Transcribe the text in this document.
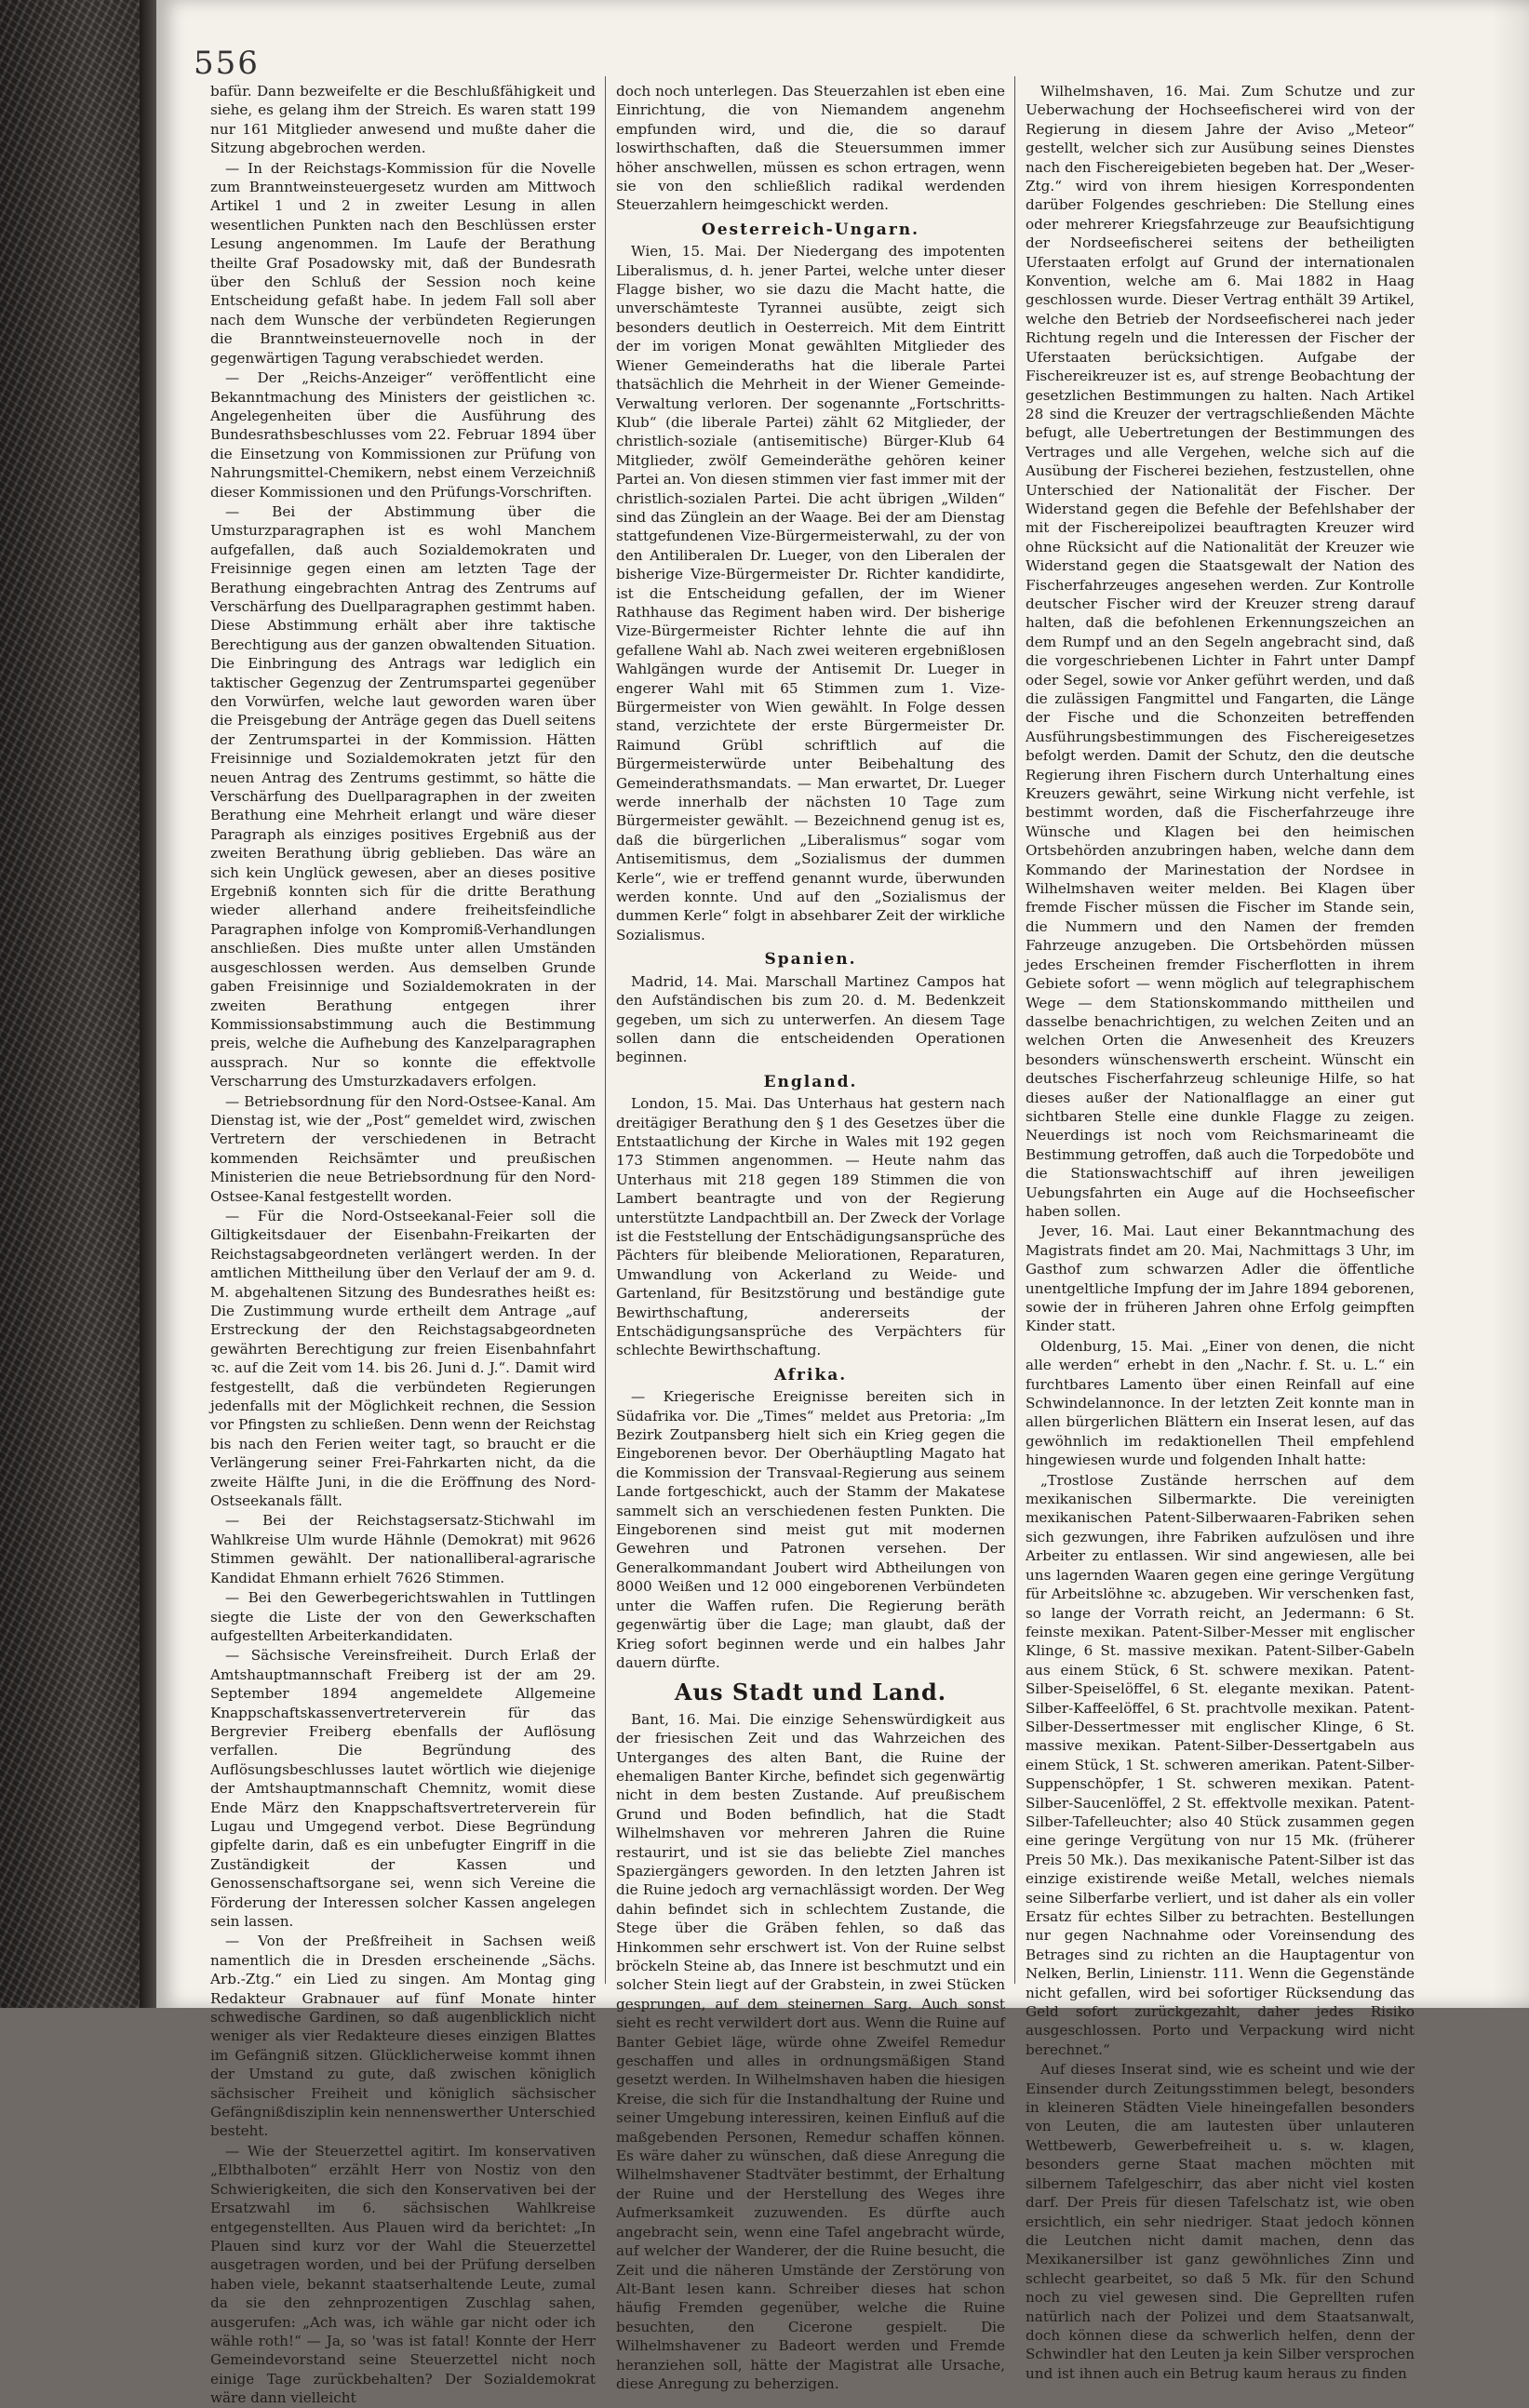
556

bafür. Dann bezweifelte er die Beschlußfähigkeit und siehe, es gelang ihm der Streich. Es waren statt 199 nur 161 Mitglieder anwesend und mußte daher die Sitzung abgebrochen werden.

— In der Reichstags-Kommission für die Novelle zum Branntweinsteuergesetz wurden am Mittwoch Artikel 1 und 2 in zweiter Lesung in allen wesentlichen Punkten nach den Beschlüssen erster Lesung angenommen. Im Laufe der Berathung theilte Graf Posadowsky mit, daß der Bundesrath über den Schluß der Session noch keine Entscheidung gefaßt habe. In jedem Fall soll aber nach dem Wunsche der verbündeten Regierungen die Branntweinsteuernovelle noch in der gegenwärtigen Tagung verabschiedet werden.

— Der „Reichs-Anzeiger“ veröffentlicht eine Bekanntmachung des Ministers der geistlichen ꝛc. Angelegenheiten über die Ausführung des Bundesrathsbeschlusses vom 22. Februar 1894 über die Einsetzung von Kommissionen zur Prüfung von Nahrungsmittel-Chemikern, nebst einem Verzeichniß dieser Kommissionen und den Prüfungs-Vorschriften.

— Bei der Abstimmung über die Umsturzparagraphen ist es wohl Manchem aufgefallen, daß auch Sozialdemokraten und Freisinnige gegen einen am letzten Tage der Berathung eingebrachten Antrag des Zentrums auf Verschärfung des Duellparagraphen gestimmt haben. Diese Abstimmung erhält aber ihre taktische Berechtigung aus der ganzen obwaltenden Situation. Die Einbringung des Antrags war lediglich ein taktischer Gegenzug der Zentrumspartei gegenüber den Vorwürfen, welche laut geworden waren über die Preisgebung der Anträge gegen das Duell seitens der Zentrumspartei in der Kommission. Hätten Freisinnige und Sozialdemokraten jetzt für den neuen Antrag des Zentrums gestimmt, so hätte die Verschärfung des Duellparagraphen in der zweiten Berathung eine Mehrheit erlangt und wäre dieser Paragraph als einziges positives Ergebniß aus der zweiten Berathung übrig geblieben. Das wäre an sich kein Unglück gewesen, aber an dieses positive Ergebniß konnten sich für die dritte Berathung wieder allerhand andere freiheitsfeindliche Paragraphen infolge von Kompromiß-Verhandlungen anschließen. Dies mußte unter allen Umständen ausgeschlossen werden. Aus demselben Grunde gaben Freisinnige und Sozialdemokraten in der zweiten Berathung entgegen ihrer Kommissionsabstimmung auch die Bestimmung preis, welche die Aufhebung des Kanzelparagraphen aussprach. Nur so konnte die effektvolle Verscharrung des Umsturzkadavers erfolgen.

— Betriebsordnung für den Nord-Ostsee-Kanal. Am Dienstag ist, wie der „Post“ gemeldet wird, zwischen Vertretern der verschiedenen in Betracht kommenden Reichsämter und preußischen Ministerien die neue Betriebsordnung für den Nord-Ostsee-Kanal festgestellt worden.

— Für die Nord-Ostseekanal-Feier soll die Giltigkeitsdauer der Eisenbahn-Freikarten der Reichstagsabgeordneten verlängert werden. In der amtlichen Mittheilung über den Verlauf der am 9. d. M. abgehaltenen Sitzung des Bundesrathes heißt es: Die Zustimmung wurde ertheilt dem Antrage „auf Erstreckung der den Reichstagsabgeordneten gewährten Berechtigung zur freien Eisenbahnfahrt ꝛc. auf die Zeit vom 14. bis 26. Juni d. J.“. Damit wird festgestellt, daß die verbündeten Regierungen jedenfalls mit der Möglichkeit rechnen, die Session vor Pfingsten zu schließen. Denn wenn der Reichstag bis nach den Ferien weiter tagt, so braucht er die Verlängerung seiner Frei-Fahrkarten nicht, da die zweite Hälfte Juni, in die die Eröffnung des Nord-Ostseekanals fällt.

— Bei der Reichstagsersatz-Stichwahl im Wahlkreise Ulm wurde Hähnle (Demokrat) mit 9626 Stimmen gewählt. Der nationalliberal-agrarische Kandidat Ehmann erhielt 7626 Stimmen.

— Bei den Gewerbegerichtswahlen in Tuttlingen siegte die Liste der von den Gewerkschaften aufgestellten Arbeiterkandidaten.

— Sächsische Vereinsfreiheit. Durch Erlaß der Amtshauptmannschaft Freiberg ist der am 29. September 1894 angemeldete Allgemeine Knappschaftskassenvertreterverein für das Bergrevier Freiberg ebenfalls der Auflösung verfallen. Die Begründung des Auflösungsbeschlusses lautet wörtlich wie diejenige der Amtshauptmannschaft Chemnitz, womit diese Ende März den Knappschaftsvertreterverein für Lugau und Umgegend verbot. Diese Begründung gipfelte darin, daß es ein unbefugter Eingriff in die Zuständigkeit der Kassen und Genossenschaftsorgane sei, wenn sich Vereine die Förderung der Interessen solcher Kassen angelegen sein lassen.

— Von der Preßfreiheit in Sachsen weiß namentlich die in Dresden erscheinende „Sächs. Arb.-Ztg.“ ein Lied zu singen. Am Montag ging Redakteur Grabnauer auf fünf Monate hinter schwedische Gardinen, so daß augenblicklich nicht weniger als vier Redakteure dieses einzigen Blattes im Gefängniß sitzen. Glücklicherweise kommt ihnen der Umstand zu gute, daß zwischen königlich sächsischer Freiheit und königlich sächsischer Gefängnißdisziplin kein nennenswerther Unterschied besteht.

— Wie der Steuerzettel agitirt. Im konservativen „Elbthalboten“ erzählt Herr von Nostiz von den Schwierigkeiten, die sich den Konservativen bei der Ersatzwahl im 6. sächsischen Wahlkreise entgegenstellten. Aus Plauen wird da berichtet: „In Plauen sind kurz vor der Wahl die Steuerzettel ausgetragen worden, und bei der Prüfung derselben haben viele, bekannt staatserhaltende Leute, zumal da sie den zehnprozentigen Zuschlag sahen, ausgerufen: „Ach was, ich wähle gar nicht oder ich wähle roth!“ — Ja, so 'was ist fatal! Konnte der Herr Gemeindevorstand seine Steuerzettel nicht noch einige Tage zurückbehalten? Der Sozialdemokrat wäre dann vielleicht

doch noch unterlegen. Das Steuerzahlen ist eben eine Einrichtung, die von Niemandem angenehm empfunden wird, und die, die so darauf loswirthschaften, daß die Steuersummen immer höher anschwellen, müssen es schon ertragen, wenn sie von den schließlich radikal werdenden Steuerzahlern heimgeschickt werden.

Oesterreich-Ungarn.

Wien, 15. Mai. Der Niedergang des impotenten Liberalismus, d. h. jener Partei, welche unter dieser Flagge bisher, wo sie dazu die Macht hatte, die unverschämteste Tyrannei ausübte, zeigt sich besonders deutlich in Oesterreich. Mit dem Eintritt der im vorigen Monat gewählten Mitglieder des Wiener Gemeinderaths hat die liberale Partei thatsächlich die Mehrheit in der Wiener Gemeinde-Verwaltung verloren. Der sogenannte „Fortschritts-Klub“ (die liberale Partei) zählt 62 Mitglieder, der christlich-soziale (antisemitische) Bürger-Klub 64 Mitglieder, zwölf Gemeinderäthe gehören keiner Partei an. Von diesen stimmen vier fast immer mit der christlich-sozialen Partei. Die acht übrigen „Wilden“ sind das Zünglein an der Waage. Bei der am Dienstag stattgefundenen Vize-Bürgermeisterwahl, zu der von den Antiliberalen Dr. Lueger, von den Liberalen der bisherige Vize-Bürgermeister Dr. Richter kandidirte, ist die Entscheidung gefallen, der im Wiener Rathhause das Regiment haben wird. Der bisherige Vize-Bürgermeister Richter lehnte die auf ihn gefallene Wahl ab. Nach zwei weiteren ergebnißlosen Wahlgängen wurde der Antisemit Dr. Lueger in engerer Wahl mit 65 Stimmen zum 1. Vize-Bürgermeister von Wien gewählt. In Folge dessen stand, verzichtete der erste Bürgermeister Dr. Raimund Grübl schriftlich auf die Bürgermeisterwürde unter Beibehaltung des Gemeinderathsmandats. — Man erwartet, Dr. Lueger werde innerhalb der nächsten 10 Tage zum Bürgermeister gewählt. — Bezeichnend genug ist es, daß die bürgerlichen „Liberalismus“ sogar vom Antisemitismus, dem „Sozialismus der dummen Kerle“, wie er treffend genannt wurde, überwunden werden konnte. Und auf den „Sozialismus der dummen Kerle“ folgt in absehbarer Zeit der wirkliche Sozialismus.

Spanien.

Madrid, 14. Mai. Marschall Martinez Campos hat den Aufständischen bis zum 20. d. M. Bedenkzeit gegeben, um sich zu unterwerfen. An diesem Tage sollen dann die entscheidenden Operationen beginnen.

England.

London, 15. Mai. Das Unterhaus hat gestern nach dreitägiger Berathung den § 1 des Gesetzes über die Entstaatlichung der Kirche in Wales mit 192 gegen 173 Stimmen angenommen. — Heute nahm das Unterhaus mit 218 gegen 189 Stimmen die von Lambert beantragte und von der Regierung unterstützte Landpachtbill an. Der Zweck der Vorlage ist die Feststellung der Entschädigungsansprüche des Pächters für bleibende Meliorationen, Reparaturen, Umwandlung von Ackerland zu Weide- und Gartenland, für Besitzstörung und beständige gute Bewirthschaftung, andererseits der Entschädigungsansprüche des Verpächters für schlechte Bewirthschaftung.

Afrika.

— Kriegerische Ereignisse bereiten sich in Südafrika vor. Die „Times“ meldet aus Pretoria: „Im Bezirk Zoutpansberg hielt sich ein Krieg gegen die Eingeborenen bevor. Der Oberhäuptling Magato hat die Kommission der Transvaal-Regierung aus seinem Lande fortgeschickt, auch der Stamm der Makatese sammelt sich an verschiedenen festen Punkten. Die Eingeborenen sind meist gut mit modernen Gewehren und Patronen versehen. Der Generalkommandant Joubert wird Abtheilungen von 8000 Weißen und 12 000 eingeborenen Verbündeten unter die Waffen rufen. Die Regierung beräth gegenwärtig über die Lage; man glaubt, daß der Krieg sofort beginnen werde und ein halbes Jahr dauern dürfte.

Aus Stadt und Land.

Bant, 16. Mai. Die einzige Sehenswürdigkeit aus der friesischen Zeit und das Wahrzeichen des Unterganges des alten Bant, die Ruine der ehemaligen Banter Kirche, befindet sich gegenwärtig nicht in dem besten Zustande. Auf preußischem Grund und Boden befindlich, hat die Stadt Wilhelmshaven vor mehreren Jahren die Ruine restaurirt, und ist sie das beliebte Ziel manches Spaziergängers geworden. In den letzten Jahren ist die Ruine jedoch arg vernachlässigt worden. Der Weg dahin befindet sich in schlechtem Zustande, die Stege über die Gräben fehlen, so daß das Hinkommen sehr erschwert ist. Von der Ruine selbst bröckeln Steine ab, das Innere ist beschmutzt und ein solcher Stein liegt auf der Grabstein, in zwei Stücken gesprungen, auf dem steinernen Sarg. Auch sonst sieht es recht verwildert dort aus. Wenn die Ruine auf Banter Gebiet läge, würde ohne Zweifel Remedur geschaffen und alles in ordnungsmäßigen Stand gesetzt werden. In Wilhelmshaven haben die hiesigen Kreise, die sich für die Instandhaltung der Ruine und seiner Umgebung interessiren, keinen Einfluß auf die maßgebenden Personen, Remedur schaffen können. Es wäre daher zu wünschen, daß diese Anregung die Wilhelmshavener Stadtväter bestimmt, der Erhaltung der Ruine und der Herstellung des Weges ihre Aufmerksamkeit zuzuwenden. Es dürfte auch angebracht sein, wenn eine Tafel angebracht würde, auf welcher der Wanderer, der die Ruine besucht, die Zeit und die näheren Umstände der Zerstörung von Alt-Bant lesen kann. Schreiber dieses hat schon häufig Fremden gegenüber, welche die Ruine besuchten, den Cicerone gespielt. Die Wilhelmshavener zu Badeort werden und Fremde heranziehen soll, hätte der Magistrat alle Ursache, diese Anregung zu beherzigen.

Wilhelmshaven, 16. Mai. Zum Schutze und zur Ueberwachung der Hochseefischerei wird von der Regierung in diesem Jahre der Aviso „Meteor“ gestellt, welcher sich zur Ausübung seines Dienstes nach den Fischereigebieten begeben hat. Der „Weser-Ztg.“ wird von ihrem hiesigen Korrespondenten darüber Folgendes geschrieben: Die Stellung eines oder mehrerer Kriegsfahrzeuge zur Beaufsichtigung der Nordseefischerei seitens der betheiligten Uferstaaten erfolgt auf Grund der internationalen Konvention, welche am 6. Mai 1882 in Haag geschlossen wurde. Dieser Vertrag enthält 39 Artikel, welche den Betrieb der Nordseefischerei nach jeder Richtung regeln und die Interessen der Fischer der Uferstaaten berücksichtigen. Aufgabe der Fischereikreuzer ist es, auf strenge Beobachtung der gesetzlichen Bestimmungen zu halten. Nach Artikel 28 sind die Kreuzer der vertragschließenden Mächte befugt, alle Uebertretungen der Bestimmungen des Vertrages und alle Vergehen, welche sich auf die Ausübung der Fischerei beziehen, festzustellen, ohne Unterschied der Nationalität der Fischer. Der Widerstand gegen die Befehle der Befehlshaber der mit der Fischereipolizei beauftragten Kreuzer wird ohne Rücksicht auf die Nationalität der Kreuzer wie Widerstand gegen die Staatsgewalt der Nation des Fischerfahrzeuges angesehen werden. Zur Kontrolle deutscher Fischer wird der Kreuzer streng darauf halten, daß die befohlenen Erkennungszeichen an dem Rumpf und an den Segeln angebracht sind, daß die vorgeschriebenen Lichter in Fahrt unter Dampf oder Segel, sowie vor Anker geführt werden, und daß die zulässigen Fangmittel und Fangarten, die Länge der Fische und die Schonzeiten betreffenden Ausführungsbestimmungen des Fischereigesetzes befolgt werden. Damit der Schutz, den die deutsche Regierung ihren Fischern durch Unterhaltung eines Kreuzers gewährt, seine Wirkung nicht verfehle, ist bestimmt worden, daß die Fischerfahrzeuge ihre Wünsche und Klagen bei den heimischen Ortsbehörden anzubringen haben, welche dann dem Kommando der Marinestation der Nordsee in Wilhelmshaven weiter melden. Bei Klagen über fremde Fischer müssen die Fischer im Stande sein, die Nummern und den Namen der fremden Fahrzeuge anzugeben. Die Ortsbehörden müssen jedes Erscheinen fremder Fischerflotten in ihrem Gebiete sofort — wenn möglich auf telegraphischem Wege — dem Stationskommando mittheilen und dasselbe benachrichtigen, zu welchen Zeiten und an welchen Orten die Anwesenheit des Kreuzers besonders wünschenswerth erscheint. Wünscht ein deutsches Fischerfahrzeug schleunige Hilfe, so hat dieses außer der Nationalflagge an einer gut sichtbaren Stelle eine dunkle Flagge zu zeigen. Neuerdings ist noch vom Reichsmarineamt die Bestimmung getroffen, daß auch die Torpedoböte und die Stationswachtschiff auf ihren jeweiligen Uebungsfahrten ein Auge auf die Hochseefischer haben sollen.

Jever, 16. Mai. Laut einer Bekanntmachung des Magistrats findet am 20. Mai, Nachmittags 3 Uhr, im Gasthof zum schwarzen Adler die öffentliche unentgeltliche Impfung der im Jahre 1894 geborenen, sowie der in früheren Jahren ohne Erfolg geimpften Kinder statt.

Oldenburg, 15. Mai. „Einer von denen, die nicht alle werden“ erhebt in den „Nachr. f. St. u. L.“ ein furchtbares Lamento über einen Reinfall auf eine Schwindelannonce. In der letzten Zeit konnte man in allen bürgerlichen Blättern ein Inserat lesen, auf das gewöhnlich im redaktionellen Theil empfehlend hingewiesen wurde und folgenden Inhalt hatte:

„Trostlose Zustände herrschen auf dem mexikanischen Silbermarkte. Die vereinigten mexikanischen Patent-Silberwaaren-Fabriken sehen sich gezwungen, ihre Fabriken aufzulösen und ihre Arbeiter zu entlassen. Wir sind angewiesen, alle bei uns lagernden Waaren gegen eine geringe Vergütung für Arbeitslöhne ꝛc. abzugeben. Wir verschenken fast, so lange der Vorrath reicht, an Jedermann: 6 St. feinste mexikan. Patent-Silber-Messer mit englischer Klinge, 6 St. massive mexikan. Patent-Silber-Gabeln aus einem Stück, 6 St. schwere mexikan. Patent-Silber-Speiselöffel, 6 St. elegante mexikan. Patent-Silber-Kaffeelöffel, 6 St. prachtvolle mexikan. Patent-Silber-Dessertmesser mit englischer Klinge, 6 St. massive mexikan. Patent-Silber-Dessertgabeln aus einem Stück, 1 St. schweren amerikan. Patent-Silber-Suppenschöpfer, 1 St. schweren mexikan. Patent-Silber-Saucenlöffel, 2 St. effektvolle mexikan. Patent-Silber-Tafelleuchter; also 40 Stück zusammen gegen eine geringe Vergütung von nur 15 Mk. (früherer Preis 50 Mk.). Das mexikanische Patent-Silber ist das einzige existirende weiße Metall, welches niemals seine Silberfarbe verliert, und ist daher als ein voller Ersatz für echtes Silber zu betrachten. Bestellungen nur gegen Nachnahme oder Voreinsendung des Betrages sind zu richten an die Hauptagentur von Nelken, Berlin, Linienstr. 111. Wenn die Gegenstände nicht gefallen, wird bei sofortiger Rücksendung das Geld sofort zurückgezahlt, daher jedes Risiko ausgeschlossen. Porto und Verpackung wird nicht berechnet.“

Auf dieses Inserat sind, wie es scheint und wie der Einsender durch Zeitungsstimmen belegt, besonders in kleineren Städten Viele hineingefallen besonders von Leuten, die am lautesten über unlauteren Wettbewerb, Gewerbefreiheit u. s. w. klagen, besonders gerne Staat machen möchten mit silbernem Tafelgeschirr, das aber nicht viel kosten darf. Der Preis für diesen Tafelschatz ist, wie oben ersichtlich, ein sehr niedriger. Staat jedoch können die Leutchen nicht damit machen, denn das Mexikanersilber ist ganz gewöhnliches Zinn und schlecht gearbeitet, so daß 5 Mk. für den Schund noch zu viel gewesen sind. Die Geprellten rufen natürlich nach der Polizei und dem Staatsanwalt, doch können diese da schwerlich helfen, denn der Schwindler hat den Leuten ja kein Silber versprochen und ist ihnen auch ein Betrug kaum heraus zu finden
